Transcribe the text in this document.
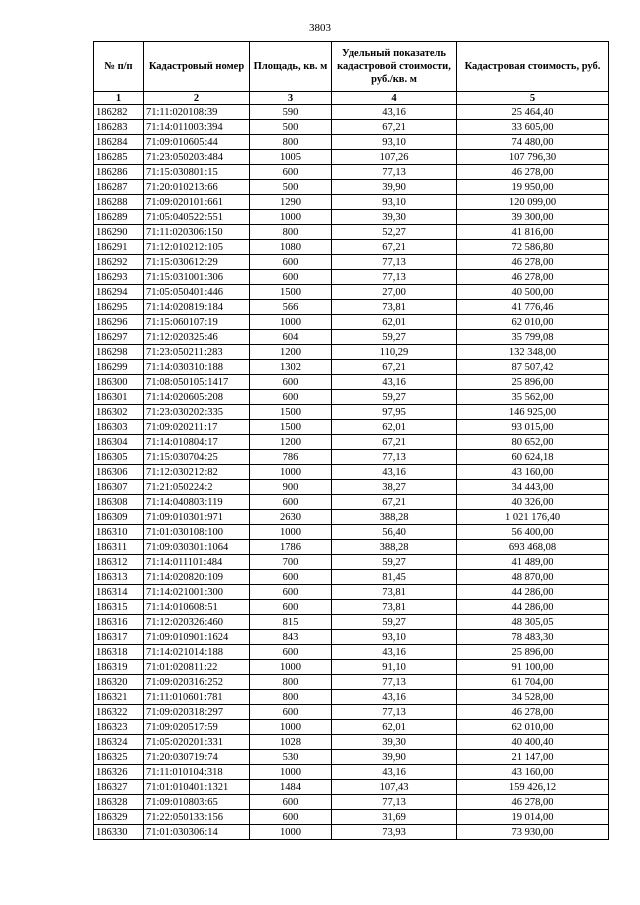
3803
№ п/п	Кадастровый номер	Площадь, кв. м	Удельный показатель кадастровой стоимости, руб./кв. м	Кадастровая стоимость, руб.
1	2	3	4	5
186282	71:11:020108:39	590	43,16	25 464,40
186283	71:14:011003:394	500	67,21	33 605,00
186284	71:09:010605:44	800	93,10	74 480,00
186285	71:23:050203:484	1005	107,26	107 796,30
186286	71:15:030801:15	600	77,13	46 278,00
186287	71:20:010213:66	500	39,90	19 950,00
186288	71:09:020101:661	1290	93,10	120 099,00
186289	71:05:040522:551	1000	39,30	39 300,00
186290	71:11:020306:150	800	52,27	41 816,00
186291	71:12:010212:105	1080	67,21	72 586,80
186292	71:15:030612:29	600	77,13	46 278,00
186293	71:15:031001:306	600	77,13	46 278,00
186294	71:05:050401:446	1500	27,00	40 500,00
186295	71:14:020819:184	566	73,81	41 776,46
186296	71:15:060107:19	1000	62,01	62 010,00
186297	71:12:020325:46	604	59,27	35 799,08
186298	71:23:050211:283	1200	110,29	132 348,00
186299	71:14:030310:188	1302	67,21	87 507,42
186300	71:08:050105:1417	600	43,16	25 896,00
186301	71:14:020605:208	600	59,27	35 562,00
186302	71:23:030202:335	1500	97,95	146 925,00
186303	71:09:020211:17	1500	62,01	93 015,00
186304	71:14:010804:17	1200	67,21	80 652,00
186305	71:15:030704:25	786	77,13	60 624,18
186306	71:12:030212:82	1000	43,16	43 160,00
186307	71:21:050224:2	900	38,27	34 443,00
186308	71:14:040803:119	600	67,21	40 326,00
186309	71:09:010301:971	2630	388,28	1 021 176,40
186310	71:01:030108:100	1000	56,40	56 400,00
186311	71:09:030301:1064	1786	388,28	693 468,08
186312	71:14:011101:484	700	59,27	41 489,00
186313	71:14:020820:109	600	81,45	48 870,00
186314	71:14:021001:300	600	73,81	44 286,00
186315	71:14:010608:51	600	73,81	44 286,00
186316	71:12:020326:460	815	59,27	48 305,05
186317	71:09:010901:1624	843	93,10	78 483,30
186318	71:14:021014:188	600	43,16	25 896,00
186319	71:01:020811:22	1000	91,10	91 100,00
186320	71:09:020316:252	800	77,13	61 704,00
186321	71:11:010601:781	800	43,16	34 528,00
186322	71:09:020318:297	600	77,13	46 278,00
186323	71:09:020517:59	1000	62,01	62 010,00
186324	71:05:020201:331	1028	39,30	40 400,40
186325	71:20:030719:74	530	39,90	21 147,00
186326	71:11:010104:318	1000	43,16	43 160,00
186327	71:01:010401:1321	1484	107,43	159 426,12
186328	71:09:010803:65	600	77,13	46 278,00
186329	71:22:050133:156	600	31,69	19 014,00
186330	71:01:030306:14	1000	73,93	73 930,00
